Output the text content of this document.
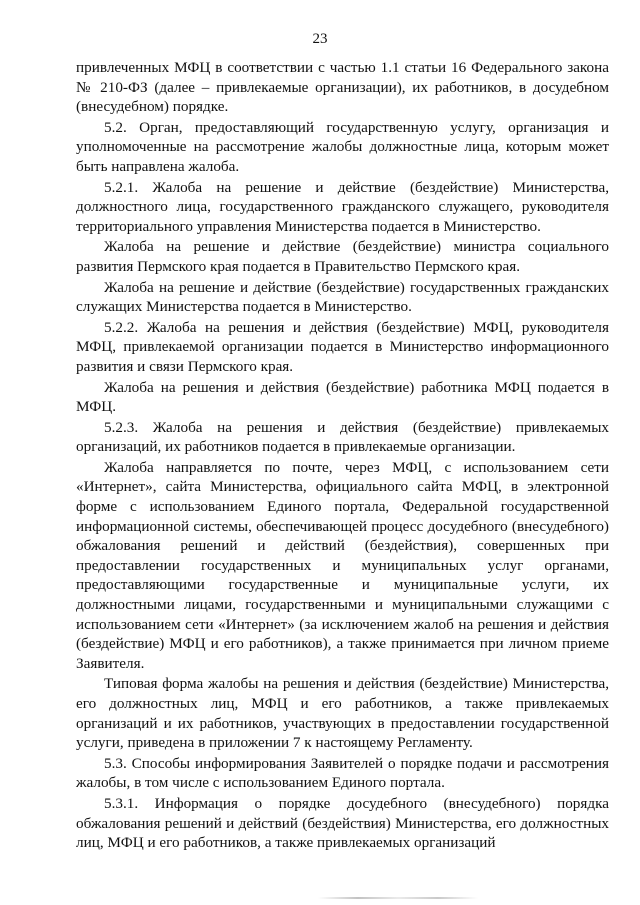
23

привлеченных МФЦ в соответствии с частью 1.1 статьи 16 Федерального закона № 210-ФЗ (далее – привлекаемые организации), их работников, в досудебном (внесудебном) порядке.

5.2. Орган, предоставляющий государственную услугу, организация и уполномоченные на рассмотрение жалобы должностные лица, которым может быть направлена жалоба.

5.2.1. Жалоба на решение и действие (бездействие) Министерства, должностного лица, государственного гражданского служащего, руководителя территориального управления Министерства подается в Министерство.

Жалоба на решение и действие (бездействие) министра социального развития Пермского края подается в Правительство Пермского края.

Жалоба на решение и действие (бездействие) государственных гражданских служащих Министерства подается в Министерство.

5.2.2. Жалоба на решения и действия (бездействие) МФЦ, руководителя МФЦ, привлекаемой организации подается в Министерство информационного развития и связи Пермского края.

Жалоба на решения и действия (бездействие) работника МФЦ подается в МФЦ.

5.2.3. Жалоба на решения и действия (бездействие) привлекаемых организаций, их работников подается в привлекаемые организации.

Жалоба направляется по почте, через МФЦ, с использованием сети «Интернет», сайта Министерства, официального сайта МФЦ, в электронной форме с использованием Единого портала, Федеральной государственной информационной системы, обеспечивающей процесс досудебного (внесудебного) обжалования решений и действий (бездействия), совершенных при предоставлении государственных и муниципальных услуг органами, предоставляющими государственные и муниципальные услуги, их должностными лицами, государственными и муниципальными служащими с использованием сети «Интернет» (за исключением жалоб на решения и действия (бездействие) МФЦ и его работников), а также принимается при личном приеме Заявителя.

Типовая форма жалобы на решения и действия (бездействие) Министерства, его должностных лиц, МФЦ и его работников, а также привлекаемых организаций и их работников, участвующих в предоставлении государственной услуги, приведена в приложении 7 к настоящему Регламенту.

5.3. Способы информирования Заявителей о порядке подачи и рассмотрения жалобы, в том числе с использованием Единого портала.

5.3.1. Информация о порядке досудебного (внесудебного) порядка обжалования решений и действий (бездействия) Министерства, его должностных лиц, МФЦ и его работников, а также привлекаемых организаций
